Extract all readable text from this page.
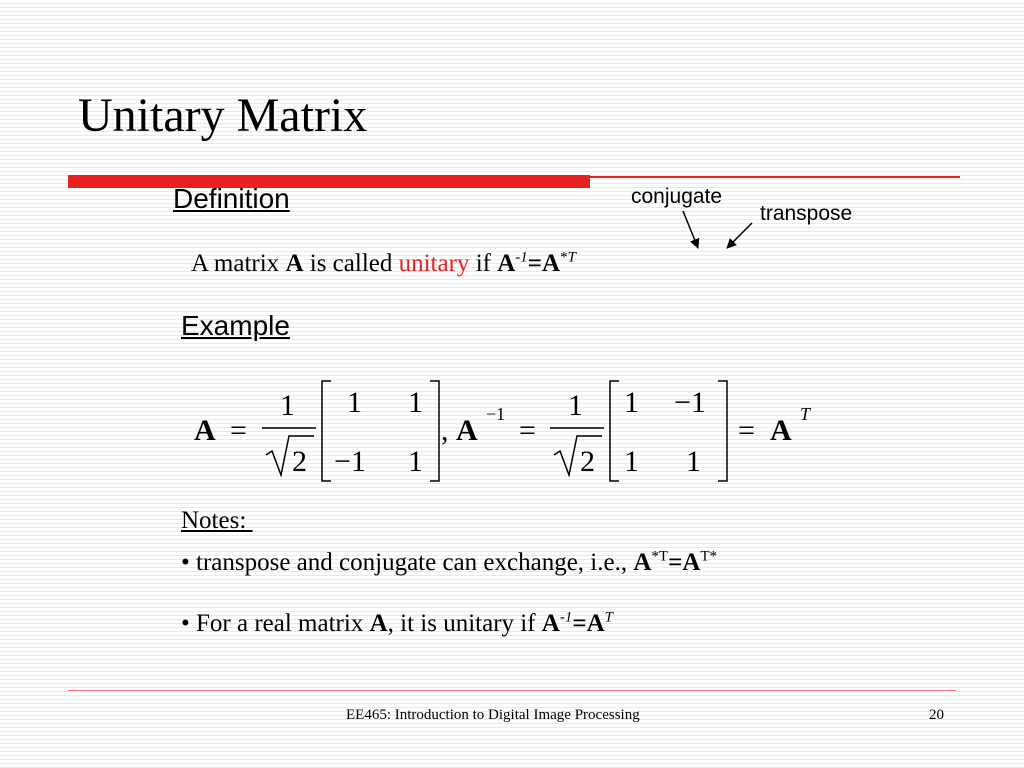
Unitary Matrix
Definition	conjugate
transpose
A matrix A is called unitary if $A^{-1}=A^{*T}$
Example
A =
1
2
1 1
−1 1
, A −1 =
1
2
1 −1
1 1
= A T
Notes:
• transpose and conjugate can exchange, i.e., $A^{*T}=A^{T*}$
• For a real matrix A, it is unitary if $A^{-1}=A^T$
EE465: Introduction to Digital Image Processing	20
